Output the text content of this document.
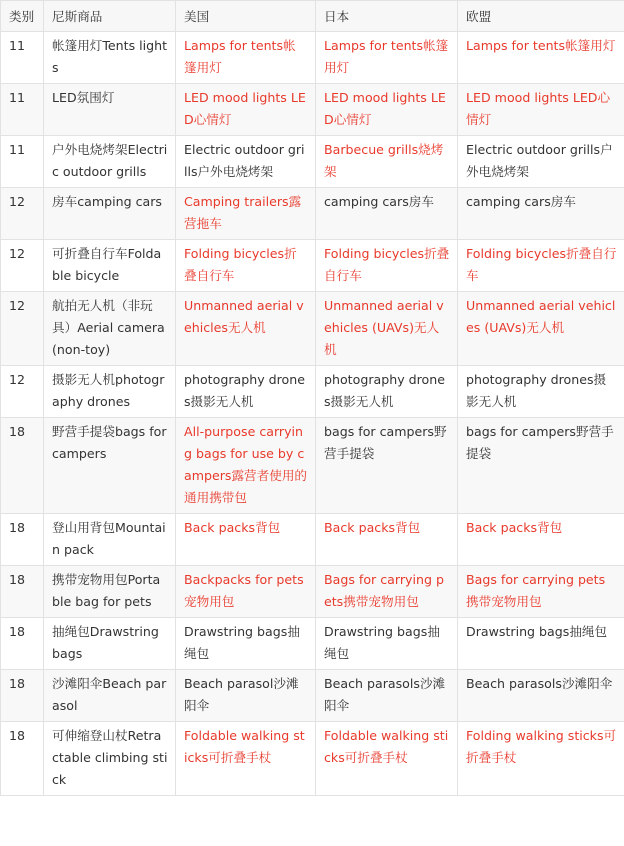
类别	尼斯商品	美国	日本	欧盟
11	帐篷用灯Tents lights	Lamps for tents帐篷用灯	Lamps for tents帐篷用灯	Lamps for tents帐篷用灯
11	LED氛围灯	LED mood lights LED心情灯	LED mood lights LED心情灯	LED mood lights LED心情灯
11	户外电烧烤架Electric outdoor grills	Electric outdoor grills户外电烧烤架	Barbecue grills烧烤架	Electric outdoor grills户外电烧烤架
12	房车camping cars	Camping trailers露营拖车	camping cars房车	camping cars房车
12	可折叠自行车Foldable bicycle	Folding bicycles折叠自行车	Folding bicycles折叠自行车	Folding bicycles折叠自行车
12	航拍无人机（非玩具）Aerial camera(non-toy)	Unmanned aerial vehicles无人机	Unmanned aerial vehicles (UAVs)无人机	Unmanned aerial vehicles (UAVs)无人机
12	摄影无人机photography drones	photography drones摄影无人机	photography drones摄影无人机	photography drones摄影无人机
18	野营手提袋bags for campers	All-purpose carrying bags for use by campers露营者使用的通用携带包	bags for campers野营手提袋	bags for campers野营手提袋
18	登山用背包Mountain pack	Back packs背包	Back packs背包	Back packs背包
18	携带宠物用包Portable bag for pets	Backpacks for pets宠物用包	Bags for carrying pets携带宠物用包	Bags for carrying pets携带宠物用包
18	抽绳包Drawstring bags	Drawstring bags抽绳包	Drawstring bags抽绳包	Drawstring bags抽绳包
18	沙滩阳伞Beach parasol	Beach parasol沙滩阳伞	Beach parasols沙滩阳伞	Beach parasols沙滩阳伞
18	可伸缩登山杖Retractable climbing stick	Foldable walking sticks可折叠手杖	Foldable walking sticks可折叠手杖	Folding walking sticks可折叠手杖
